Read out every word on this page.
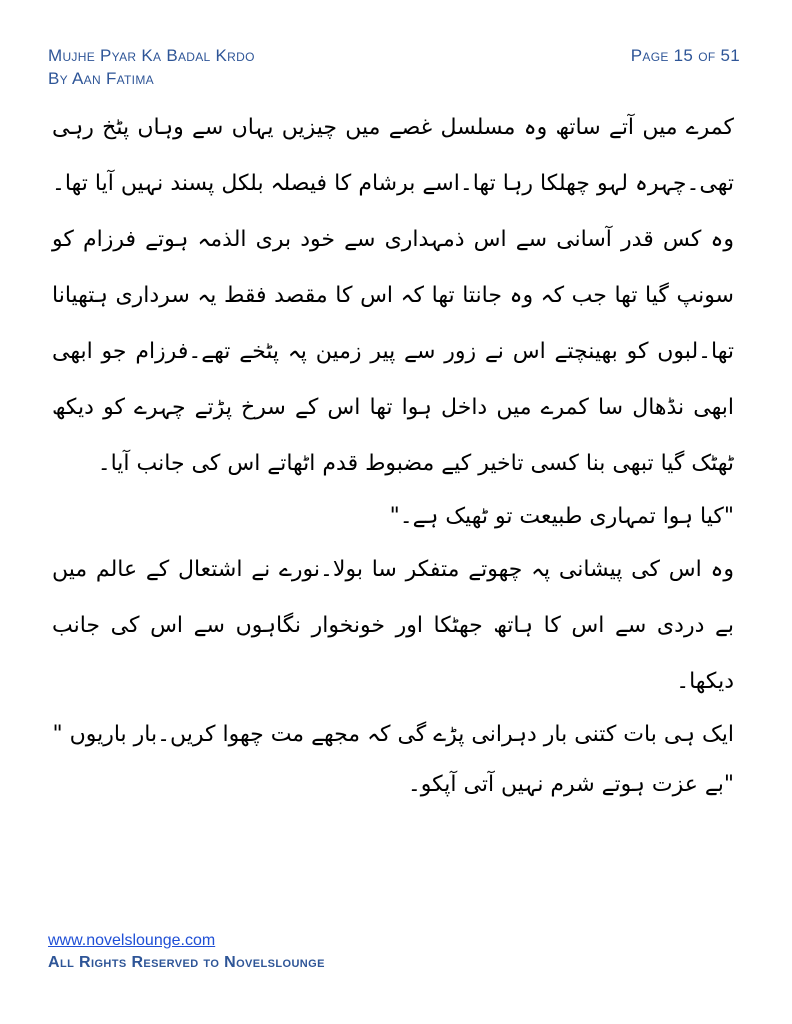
Mujhe Pyar Ka Badal Krdo
By Aan Fatima
Page 15 of 51

کمرے میں آتے ساتھ وہ مسلسل غصے میں چیزیں یہاں سے وہاں پٹخ رہی تھی۔چہرہ لہو چھلکا رہا تھا۔اسے برشام کا فیصلہ بلکل پسند نہیں آیا تھا۔وہ کس قدر آسانی سے اس ذمہداری سے خود بری الذمہ ہوتے فرزام کو سونپ گیا تھا جب کہ وہ جانتا تھا کہ اس کا مقصد فقط یہ سرداری ہتھیانا تھا۔لبوں کو بھینچتے اس نے زور سے پیر زمین پہ پٹخے تھے۔فرزام جو ابھی ابھی نڈھال سا کمرے میں داخل ہوا تھا اس کے سرخ پڑتے چہرے کو دیکھ ٹھٹک گیا تبھی بنا کسی تاخیر کیے مضبوط قدم اٹھاتے اس کی جانب آیا۔

"کیا ہوا تمہاری طبیعت تو ٹھیک ہے۔"

وہ اس کی پیشانی پہ چھوتے متفکر سا بولا۔نورے نے اشتعال کے عالم میں بے دردی سے اس کا ہاتھ جھٹکا اور خونخوار نگاہوں سے اس کی جانب دیکھا۔

ایک ہی بات کتنی بار دہرانی پڑے گی کہ مجھے مت چھوا کریں۔بار باریوں "

"بے عزت ہوتے شرم نہیں آتی آپکو۔

www.novelslounge.com
All Rights Reserved to Novelslounge
